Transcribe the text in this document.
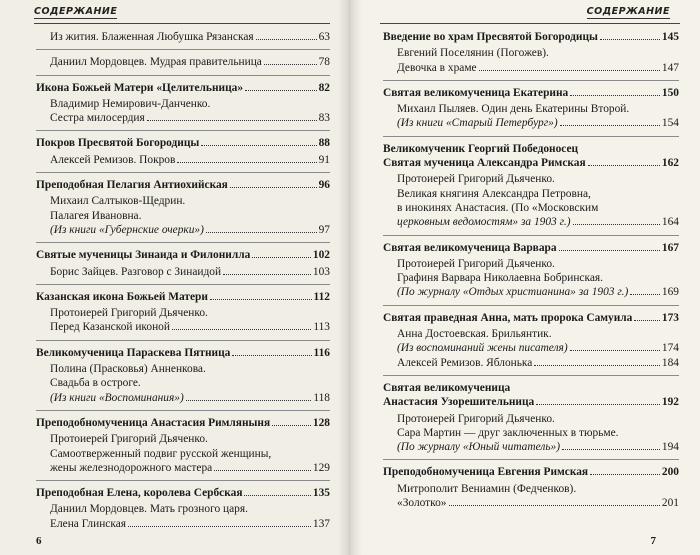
СОДЕРЖАНИЕ
Из жития. Блаженная Любушка Рязанская	63
Даниил Мордовцев. Мудрая правительница	78
Икона Божьей Матери «Целительница»	82
Владимир Немирович-Данченко.
Сестра милосердия	83
Покров Пресвятой Богородицы	88
Алексей Ремизов. Покров	91
Преподобная Пелагия Антиохийская	96
Михаил Салтыков-Щедрин.
Палагея Ивановна.
(Из книги «Губернские очерки»)	97
Святые мученицы Зинаида и Филонилла	102
Борис Зайцев. Разговор с Зинаидой	103
Казанская икона Божьей Матери	112
Протоиерей Григорий Дьяченко.
Перед Казанской иконой	113
Великомученица Параскева Пятница	116
Полина (Прасковья) Анненкова.
Свадьба в остроге.
(Из книги «Воспоминания»)	118
Преподобномученица Анастасия Римляныня	128
Протоиерей Григорий Дьяченко.
Самоотверженный подвиг русской женщины,
жены железнодорожного мастера	129
Преподобная Елена, королева Сербская	135
Даниил Мордовцев. Мать грозного царя.
Елена Глинская	137
6
СОДЕРЖАНИЕ
Введение во храм Пресвятой Богородицы	145
Евгений Поселянин (Погожев).
Девочка в храме	147
Святая великомученица Екатерина	150
Михаил Пыляев. Один день Екатерины Второй.
(Из книги «Старый Петербург»)	154
Великомученик Георгий Победоносец
Святая мученица Александра Римская	162
Протоиерей Григорий Дьяченко.
Великая княгиня Александра Петровна,
в инокинях Анастасия. (По «Московским
церковным ведомостям» за 1903 г.)	164
Святая великомученица Варвара	167
Протоиерей Григорий Дьяченко.
Графиня Варвара Николаевна Бобринская.
(По журналу «Отдых христианина» за 1903 г.)	169
Святая праведная Анна, мать пророка Самуила	173
Анна Достоевская. Брильянтик.
(Из воспоминаний жены писателя)	174
Алексей Ремизов. Яблонька	184
Святая великомученица
Анастасия Узорешительница	192
Протоиерей Григорий Дьяченко.
Сара Мартин — друг заключенных в тюрьме.
(По журналу «Юный читатель»)	194
Преподобномученица Евгения Римская	200
Митрополит Вениамин (Федченков).
«Золотко»	201
7
